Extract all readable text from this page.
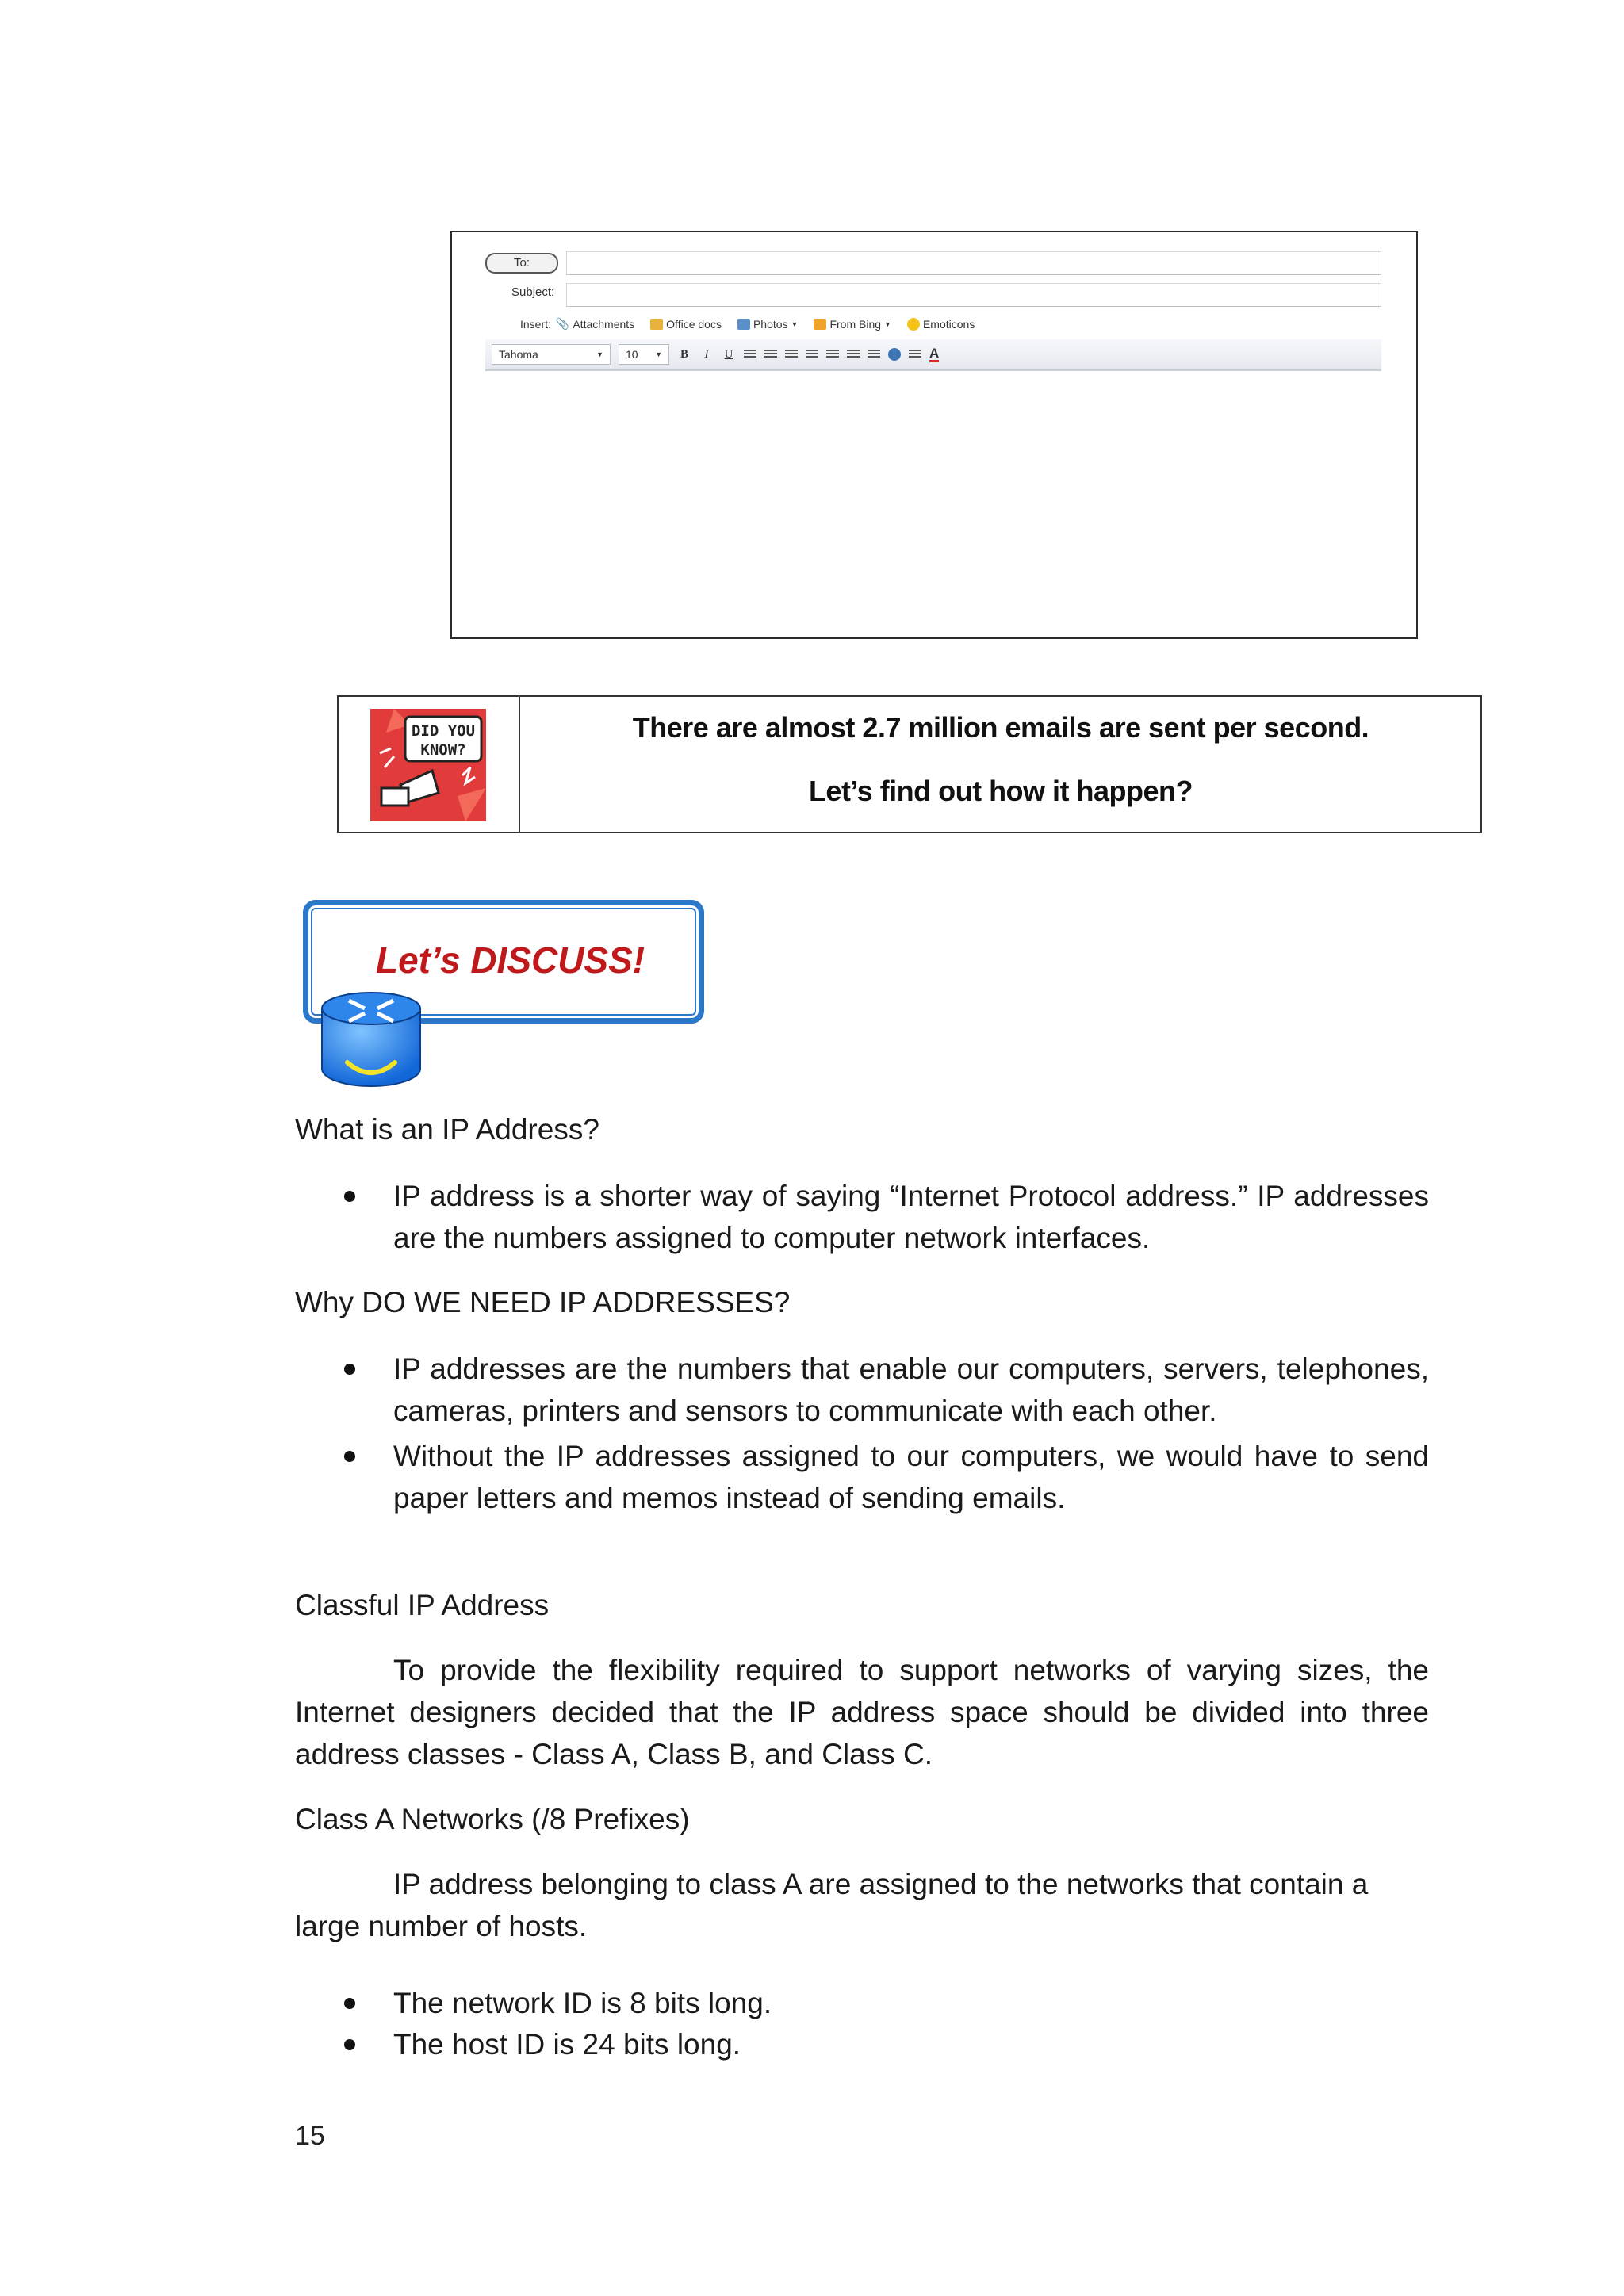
To:
Subject:
Insert: 📎 Attachments	Office docs	Photos ▼	From Bing ▼	Emoticons
Tahoma	▼ 10 ▼ B	I	U	A
DID YOU KNOW?
There are almost 2.7 million emails are sent per second.
Let’s find out how it happen?
Let’s DISCUSS!
What is an IP Address?
IP address is a shorter way of saying “Internet Protocol address.” IP addresses are the numbers assigned to computer network interfaces.
Why DO WE NEED IP ADDRESSES?
IP addresses are the numbers that enable our computers, servers, telephones, cameras, printers and sensors to communicate with each other.
Without the IP addresses assigned to our computers, we would have to send paper letters and memos instead of sending emails.
Classful IP Address
To provide the flexibility required to support networks of varying sizes, the Internet designers decided that the IP address space should be divided into three address classes - Class A, Class B, and Class C.
Class A Networks (/8 Prefixes)
IP address belonging to class A are assigned to the networks that contain a large number of hosts.
The network ID is 8 bits long.
The host ID is 24 bits long.
15
